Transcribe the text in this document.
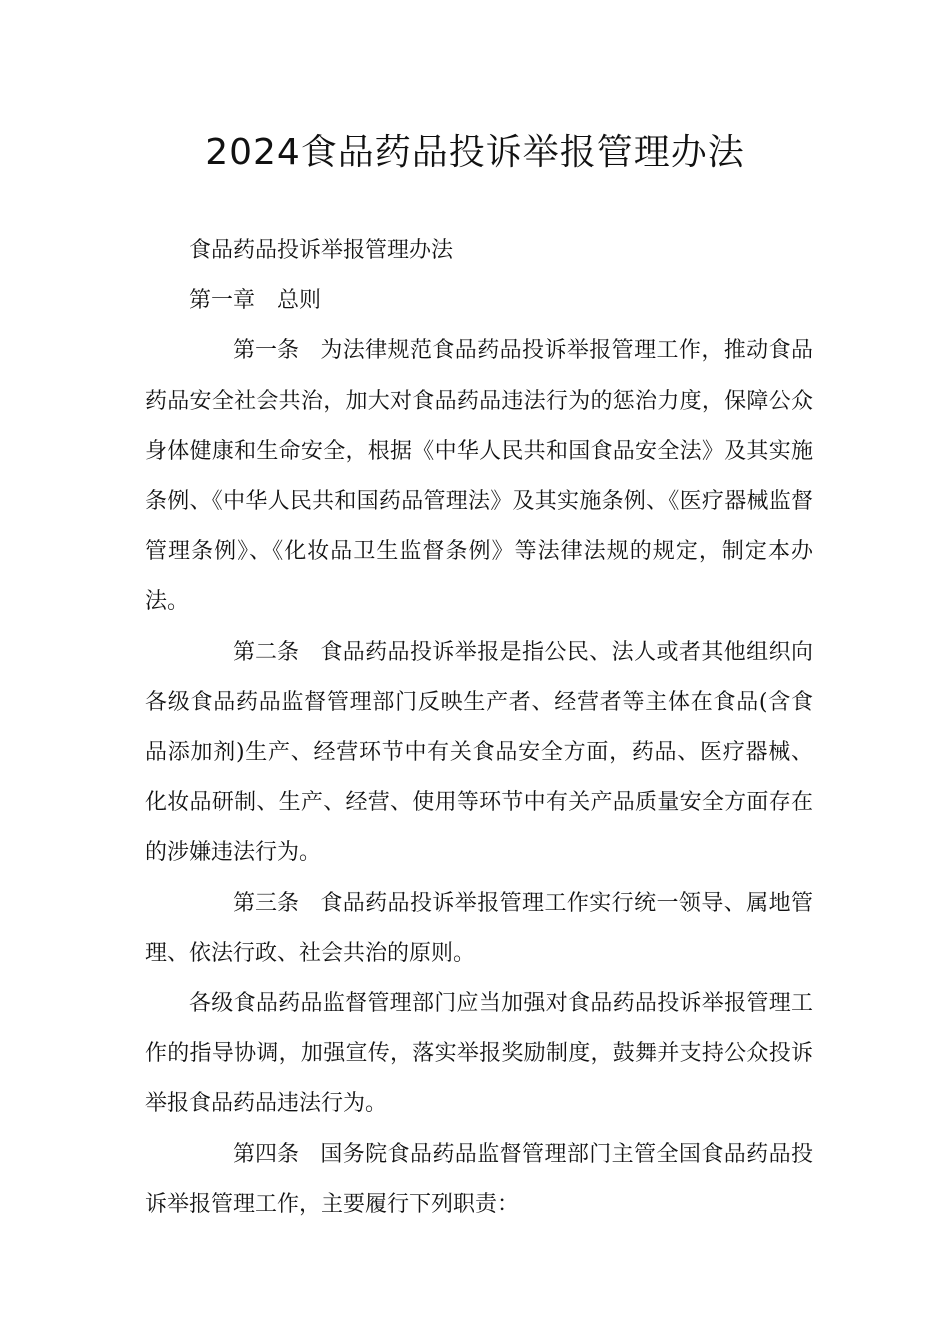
2024食品药品投诉举报管理办法

食品药品投诉举报管理办法

第一章　总则

第一条 为法律规范食品药品投诉举报管理工作，推动食品药品安全社会共治，加大对食品药品违法行为的惩治力度，保障公众身体健康和生命安全，根据《中华人民共和国食品安全法》及其实施条例、《中华人民共和国药品管理法》及其实施条例、《医疗器械监督管理条例》、《化妆品卫生监督条例》等法律法规的规定，制定本办法。

第二条 食品药品投诉举报是指公民、法人或者其他组织向各级食品药品监督管理部门反映生产者、经营者等主体在食品(含食品添加剂)生产、经营环节中有关食品安全方面，药品、医疗器械、化妆品研制、生产、经营、使用等环节中有关产品质量安全方面存在的涉嫌违法行为。

第三条 食品药品投诉举报管理工作实行统一领导、属地管理、依法行政、社会共治的原则。

各级食品药品监督管理部门应当加强对食品药品投诉举报管理工作的指导协调，加强宣传，落实举报奖励制度，鼓舞并支持公众投诉举报食品药品违法行为。

第四条 国务院食品药品监督管理部门主管全国食品药品投诉举报管理工作，主要履行下列职责：
